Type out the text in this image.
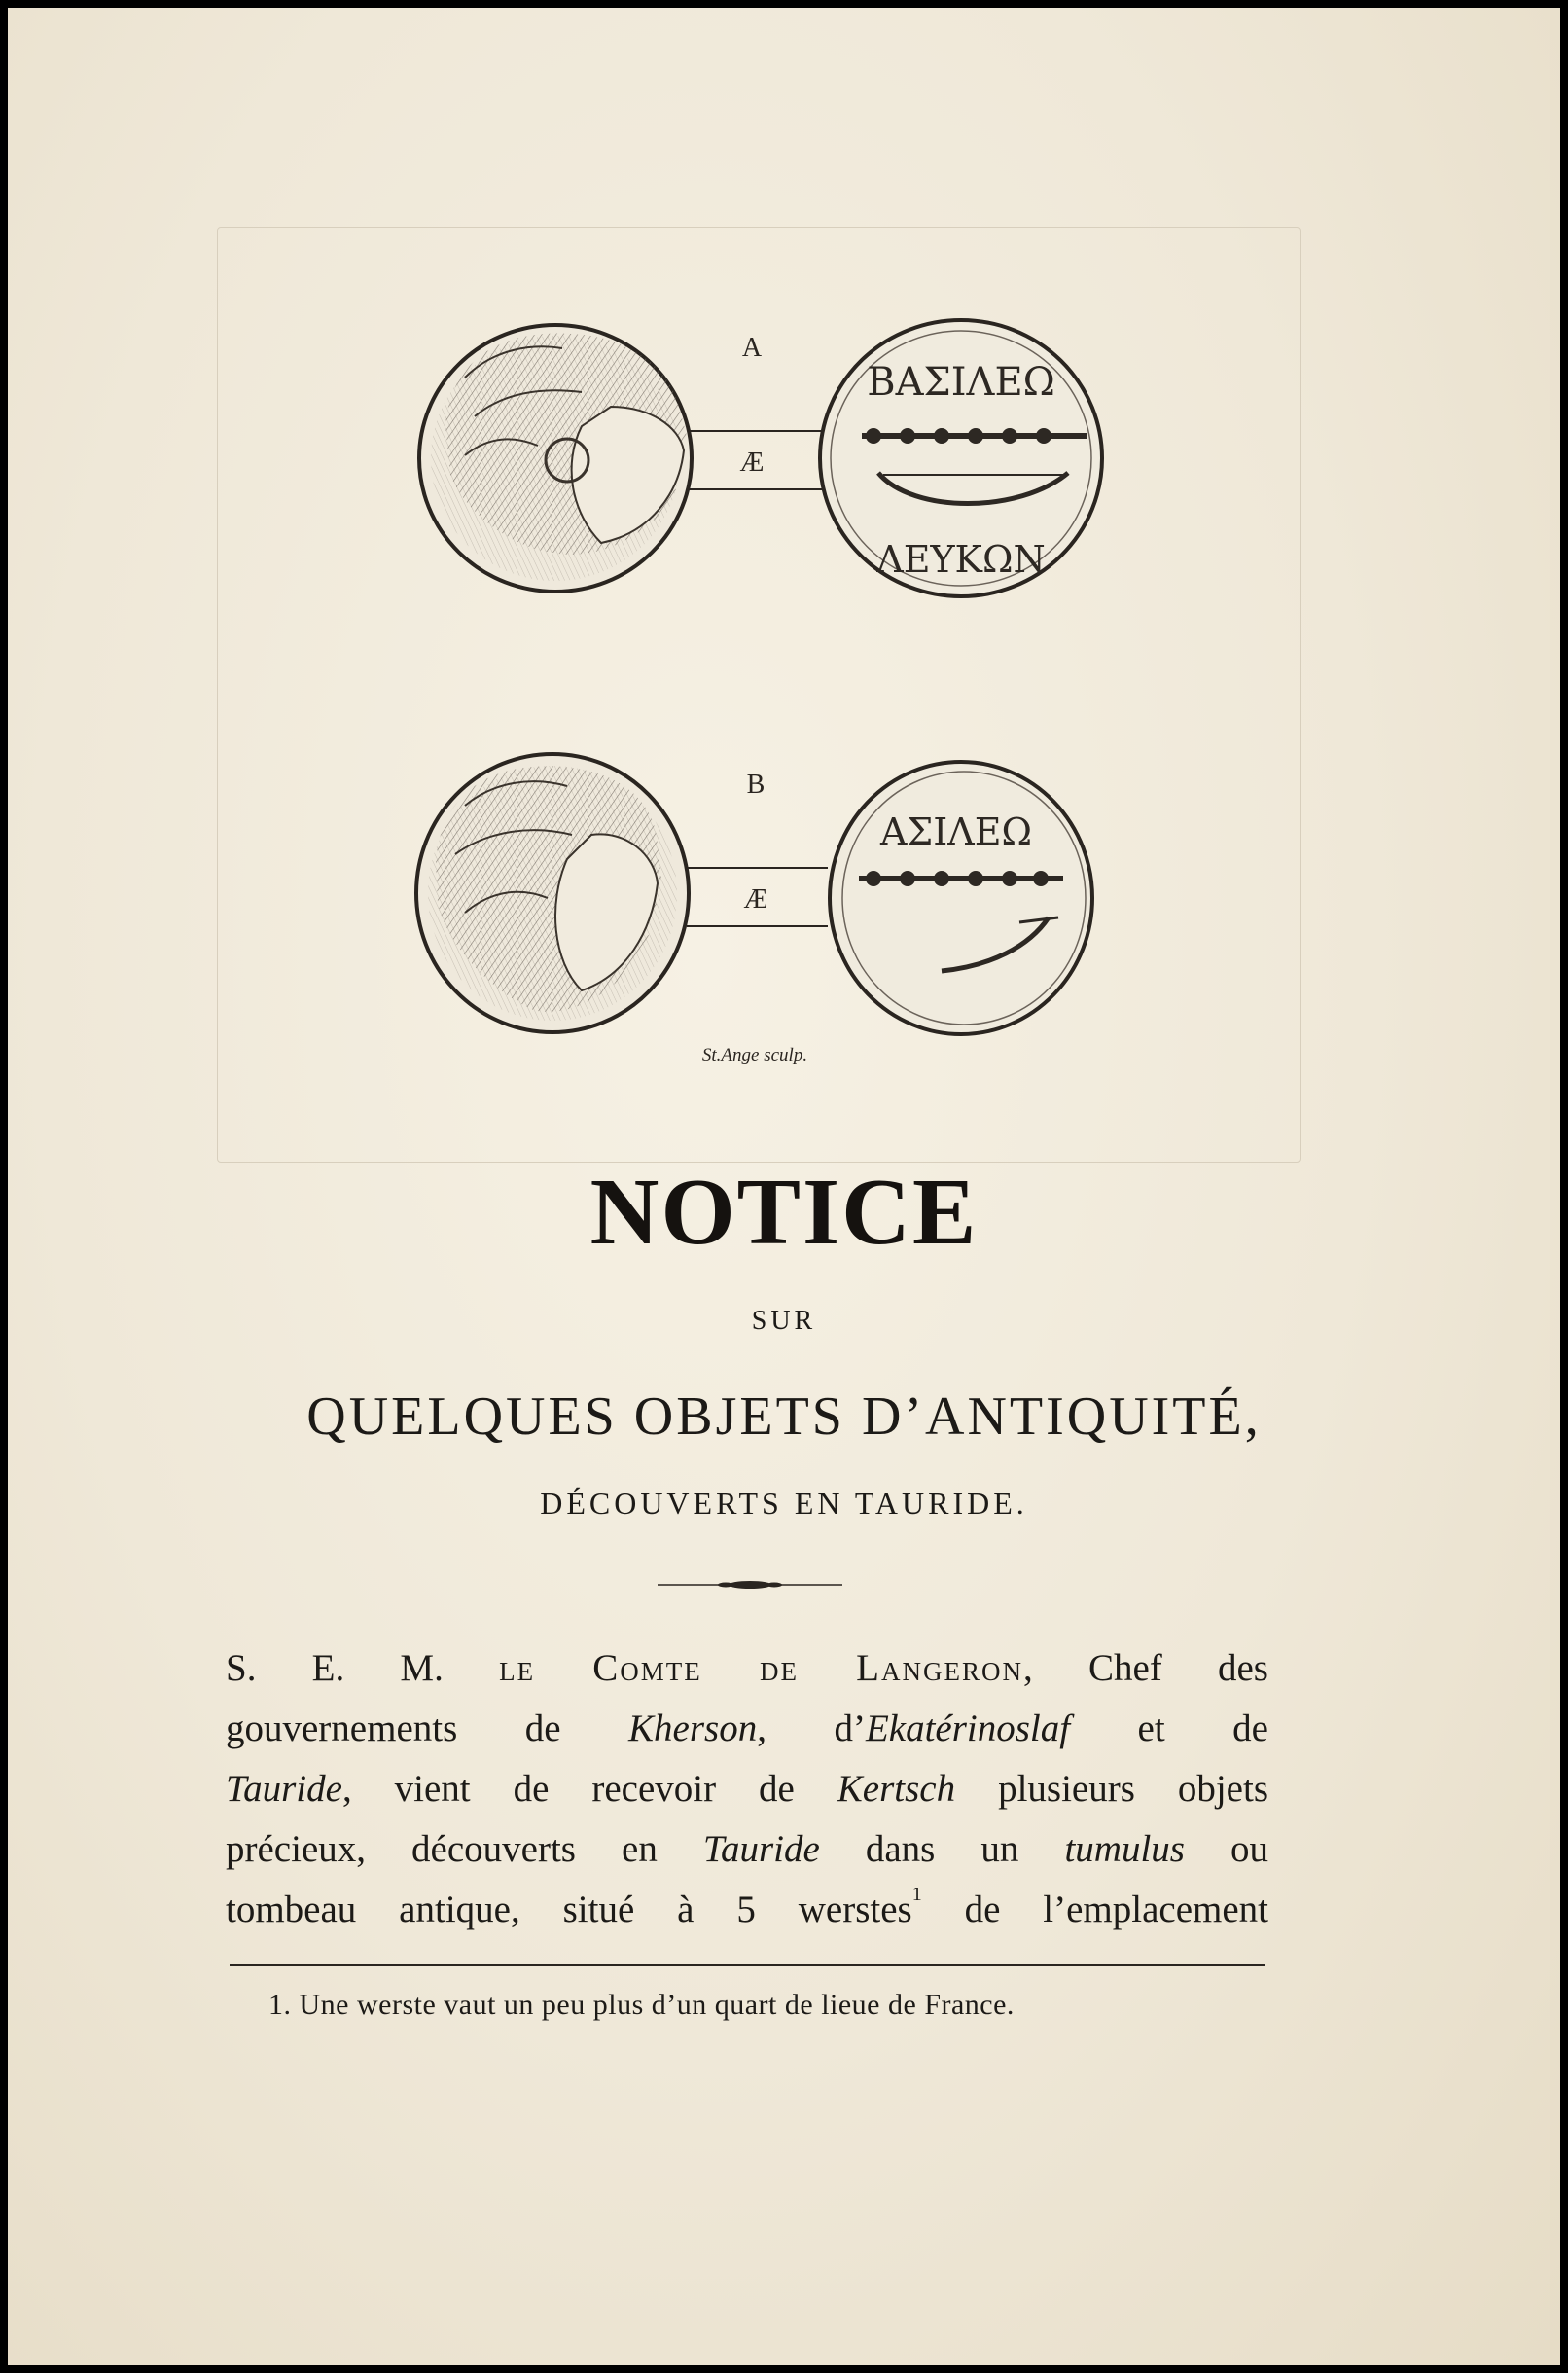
A
Æ
ΒΑΣΙΛΕΩ
ΛΕΥΚΩΝ
B
Æ
ΑΣΙΛΕΩ
St.Ange sculp.
NOTICE
SUR
QUELQUES OBJETS D’ANTIQUITÉ,
DÉCOUVERTS EN TAURIDE.
S. E. M. le Comte de Langeron, Chef des
gouvernements de Kherson, d’Ekatérinoslaf et de
Tauride, vient de recevoir de Kertsch plusieurs objets
précieux, découverts en Tauride dans un tumulus ou
tombeau antique, situé à 5 werstes$^1$ de l’emplacement
1. Une werste vaut un peu plus d’un quart de lieue de France.
